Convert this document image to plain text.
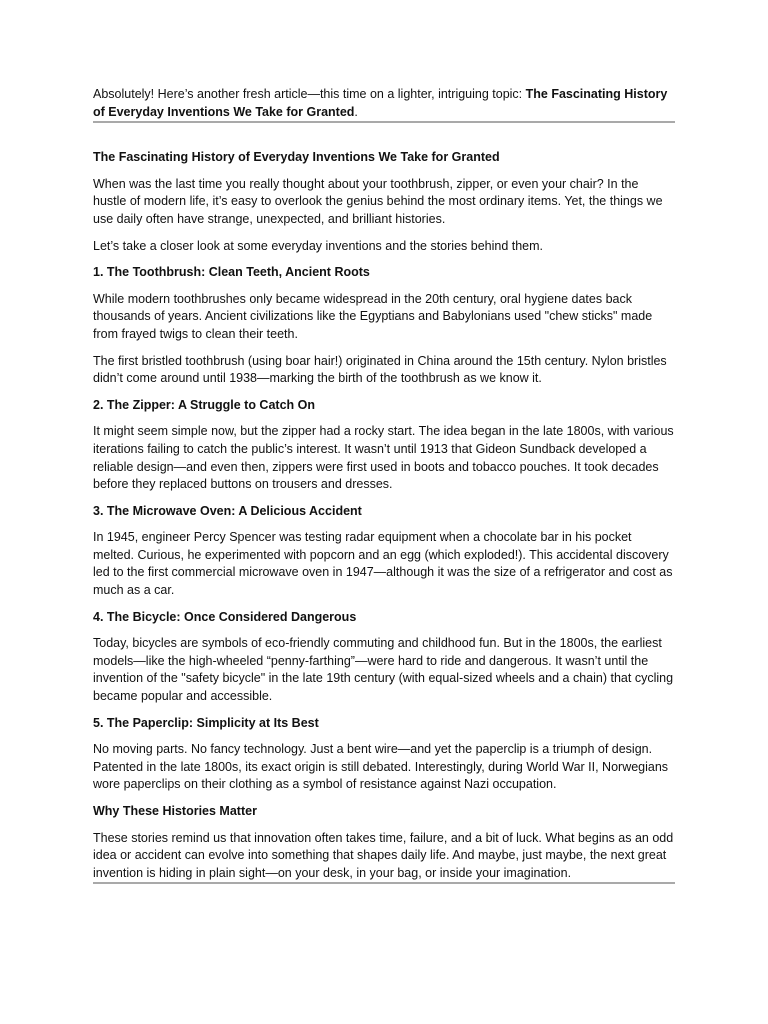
Absolutely! Here’s another fresh article—this time on a lighter, intriguing topic: The Fascinating History of Everyday Inventions We Take for Granted.

The Fascinating History of Everyday Inventions We Take for Granted

When was the last time you really thought about your toothbrush, zipper, or even your chair? In the hustle of modern life, it’s easy to overlook the genius behind the most ordinary items. Yet, the things we use daily often have strange, unexpected, and brilliant histories.

Let’s take a closer look at some everyday inventions and the stories behind them.

1. The Toothbrush: Clean Teeth, Ancient Roots

While modern toothbrushes only became widespread in the 20th century, oral hygiene dates back thousands of years. Ancient civilizations like the Egyptians and Babylonians used "chew sticks" made from frayed twigs to clean their teeth.

The first bristled toothbrush (using boar hair!) originated in China around the 15th century. Nylon bristles didn’t come around until 1938—marking the birth of the toothbrush as we know it.

2. The Zipper: A Struggle to Catch On

It might seem simple now, but the zipper had a rocky start. The idea began in the late 1800s, with various iterations failing to catch the public’s interest. It wasn’t until 1913 that Gideon Sundback developed a reliable design—and even then, zippers were first used in boots and tobacco pouches. It took decades before they replaced buttons on trousers and dresses.

3. The Microwave Oven: A Delicious Accident

In 1945, engineer Percy Spencer was testing radar equipment when a chocolate bar in his pocket melted. Curious, he experimented with popcorn and an egg (which exploded!). This accidental discovery led to the first commercial microwave oven in 1947—although it was the size of a refrigerator and cost as much as a car.

4. The Bicycle: Once Considered Dangerous

Today, bicycles are symbols of eco-friendly commuting and childhood fun. But in the 1800s, the earliest models—like the high-wheeled “penny-farthing”—were hard to ride and dangerous. It wasn’t until the invention of the "safety bicycle" in the late 19th century (with equal-sized wheels and a chain) that cycling became popular and accessible.

5. The Paperclip: Simplicity at Its Best

No moving parts. No fancy technology. Just a bent wire—and yet the paperclip is a triumph of design. Patented in the late 1800s, its exact origin is still debated. Interestingly, during World War II, Norwegians wore paperclips on their clothing as a symbol of resistance against Nazi occupation.

Why These Histories Matter

These stories remind us that innovation often takes time, failure, and a bit of luck. What begins as an odd idea or accident can evolve into something that shapes daily life. And maybe, just maybe, the next great invention is hiding in plain sight—on your desk, in your bag, or inside your imagination.
